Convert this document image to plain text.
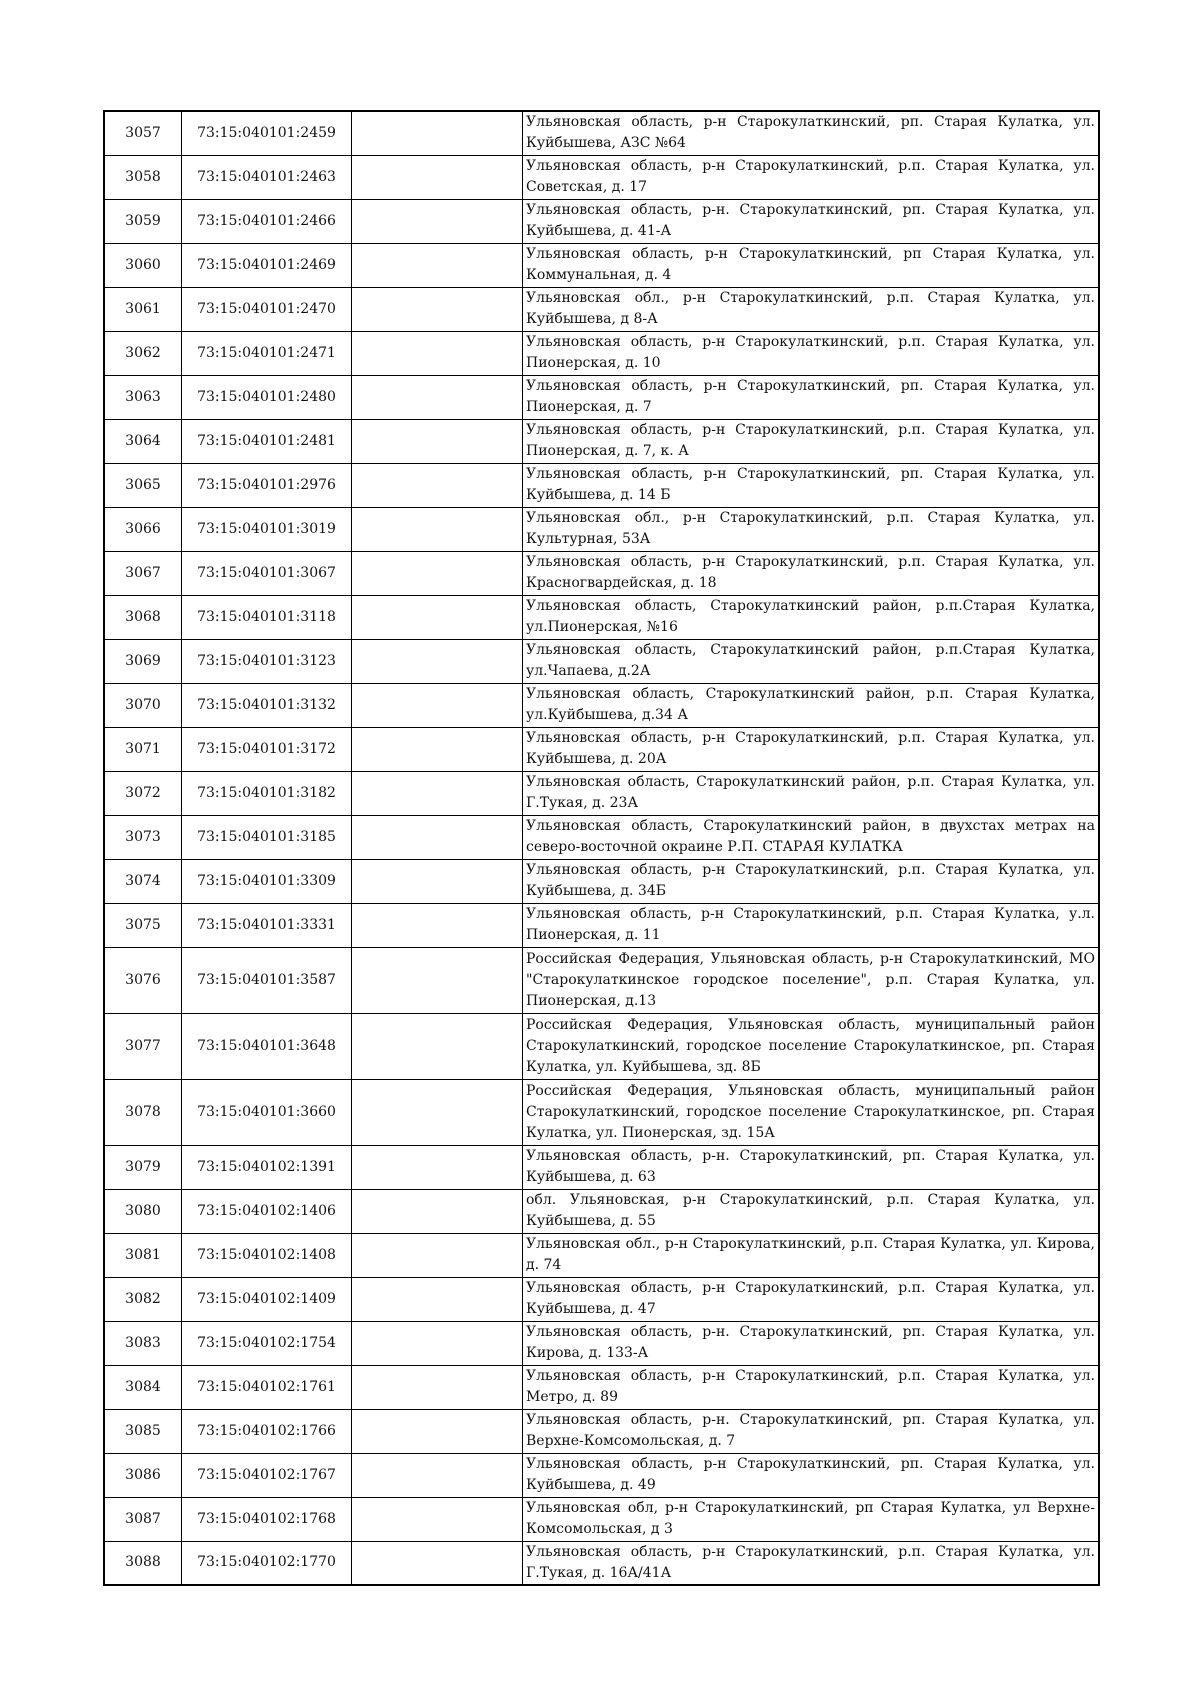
3057	73:15:040101:2459		Ульяновская область, р-н Старокулаткинский, рп. Старая Кулатка, ул. Куйбышева, АЗС №64
3058	73:15:040101:2463		Ульяновская область, р-н Старокулаткинский, р.п. Старая Кулатка, ул. Советская, д. 17
3059	73:15:040101:2466		Ульяновская область, р-н. Старокулаткинский, рп. Старая Кулатка, ул. Куйбышева, д. 41-А
3060	73:15:040101:2469		Ульяновская область, р-н Старокулаткинский, рп Старая Кулатка, ул. Коммунальная, д. 4
3061	73:15:040101:2470		Ульяновская обл., р-н Старокулаткинский, р.п. Старая Кулатка, ул. Куйбышева, д 8-А
3062	73:15:040101:2471		Ульяновская область, р-н Старокулаткинский, р.п. Старая Кулатка, ул. Пионерская, д. 10
3063	73:15:040101:2480		Ульяновская область, р-н Старокулаткинский, рп. Старая Кулатка, ул. Пионерская, д. 7
3064	73:15:040101:2481		Ульяновская область, р-н Старокулаткинский, р.п. Старая Кулатка, ул. Пионерская, д. 7, к. А
3065	73:15:040101:2976		Ульяновская область, р-н Старокулаткинский, рп. Старая Кулатка, ул. Куйбышева, д. 14 Б
3066	73:15:040101:3019		Ульяновская обл., р-н Старокулаткинский, р.п. Старая Кулатка, ул. Культурная, 53А
3067	73:15:040101:3067		Ульяновская область, р-н Старокулаткинский, р.п. Старая Кулатка, ул. Красногвардейская, д. 18
3068	73:15:040101:3118		Ульяновская область, Старокулаткинский район, р.п.Старая Кулатка, ул.Пионерская, №16
3069	73:15:040101:3123		Ульяновская область, Старокулаткинский район, р.п.Старая Кулатка, ул.Чапаева, д.2А
3070	73:15:040101:3132		Ульяновская область, Старокулаткинский район, р.п. Старая Кулатка, ул.Куйбышева, д.34 А
3071	73:15:040101:3172		Ульяновская область, р-н Старокулаткинский, р.п. Старая Кулатка, ул. Куйбышева, д. 20А
3072	73:15:040101:3182		Ульяновская область, Старокулаткинский район, р.п. Старая Кулатка, ул. Г.Тукая, д. 23А
3073	73:15:040101:3185		Ульяновская область, Старокулаткинский район, в двухстах метрах на северо-восточной окраине Р.П. СТАРАЯ КУЛАТКА
3074	73:15:040101:3309		Ульяновская область, р-н Старокулаткинский, р.п. Старая Кулатка, ул. Куйбышева, д. 34Б
3075	73:15:040101:3331		Ульяновская область, р-н Старокулаткинский, р.п. Старая Кулатка, у.л. Пионерская, д. 11
3076	73:15:040101:3587		Российская Федерация, Ульяновская область, р-н Старокулаткинский, МО "Старокулаткинское городское поселение", р.п. Старая Кулатка, ул. Пионерская, д.13
3077	73:15:040101:3648		Российская Федерация, Ульяновская область, муниципальный район Старокулаткинский, городское поселение Старокулаткинское, рп. Старая Кулатка, ул. Куйбышева, зд. 8Б
3078	73:15:040101:3660		Российская Федерация, Ульяновская область, муниципальный район Старокулаткинский, городское поселение Старокулаткинское, рп. Старая Кулатка, ул. Пионерская, зд. 15А
3079	73:15:040102:1391		Ульяновская область, р-н. Старокулаткинский, рп. Старая Кулатка, ул. Куйбышева, д. 63
3080	73:15:040102:1406		обл. Ульяновская, р-н Старокулаткинский, р.п. Старая Кулатка, ул. Куйбышева, д. 55
3081	73:15:040102:1408		Ульяновская обл., р-н Старокулаткинский, р.п. Старая Кулатка, ул. Кирова, д. 74
3082	73:15:040102:1409		Ульяновская область, р-н Старокулаткинский, р.п. Старая Кулатка, ул. Куйбышева, д. 47
3083	73:15:040102:1754		Ульяновская область, р-н. Старокулаткинский, рп. Старая Кулатка, ул. Кирова, д. 133-А
3084	73:15:040102:1761		Ульяновская область, р-н Старокулаткинский, р.п. Старая Кулатка, ул. Метро, д. 89
3085	73:15:040102:1766		Ульяновская область, р-н. Старокулаткинский, рп. Старая Кулатка, ул. Верхне-Комсомольская, д. 7
3086	73:15:040102:1767		Ульяновская область, р-н Старокулаткинский, рп. Старая Кулатка, ул. Куйбышева, д. 49
3087	73:15:040102:1768		Ульяновская обл, р-н Старокулаткинский, рп Старая Кулатка, ул Верхне-Комсомольская, д 3
3088	73:15:040102:1770		Ульяновская область, р-н Старокулаткинский, р.п. Старая Кулатка, ул. Г.Тукая, д. 16А/41А
